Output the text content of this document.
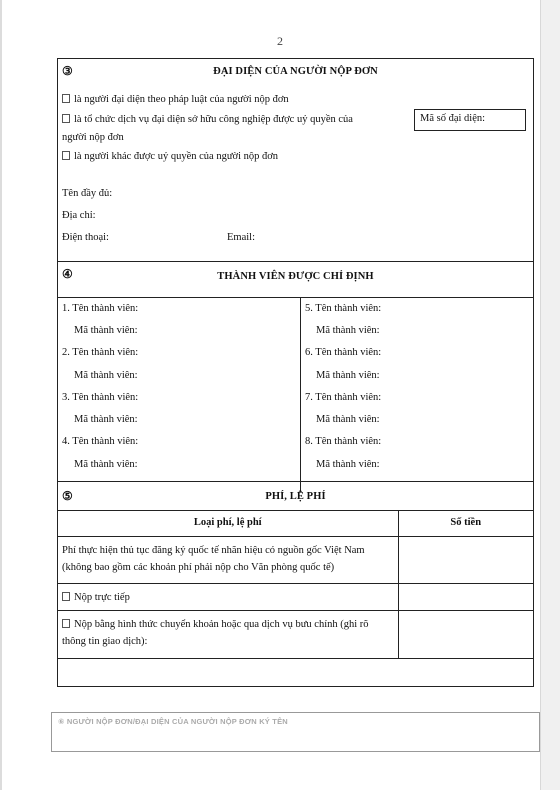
2
③	ĐẠI DIỆN CỦA NGƯỜI NỘP ĐƠN
là người đại diện theo pháp luật của người nộp đơn
là tổ chức dịch vụ đại diện sở hữu công nghiệp được uỷ quyền của
người nộp đơn
là người khác được uỷ quyền của người nộp đơn
Mã số đại diện:
Tên đầy đủ:
Địa chỉ:
Điện thoại:	Email:
④	THÀNH VIÊN ĐƯỢC CHỈ ĐỊNH
1. Tên thành viên:
Mã thành viên:
2. Tên thành viên:
Mã thành viên:
3. Tên thành viên:
Mã thành viên:
4. Tên thành viên:
Mã thành viên:
5. Tên thành viên:
Mã thành viên:
6. Tên thành viên:
Mã thành viên:
7. Tên thành viên:
Mã thành viên:
8. Tên thành viên:
Mã thành viên:
⑤	PHÍ, LỆ PHÍ
Loại phí, lệ phí	Số tiền

Phí thực hiện thủ tục đăng ký quốc tế nhãn hiệu có nguồn gốc Việt Nam
(không bao gồm các khoản phí phải nộp cho Văn phòng quốc tế)	

Nộp trực tiếp	

Nộp bằng hình thức chuyển khoản hoặc qua dịch vụ bưu chính (ghi rõ
thông tin giao dịch):	

⑥ NGƯỜI NỘP ĐƠN/ĐẠI DIỆN CỦA NGƯỜI NỘP ĐƠN KÝ TÊN
